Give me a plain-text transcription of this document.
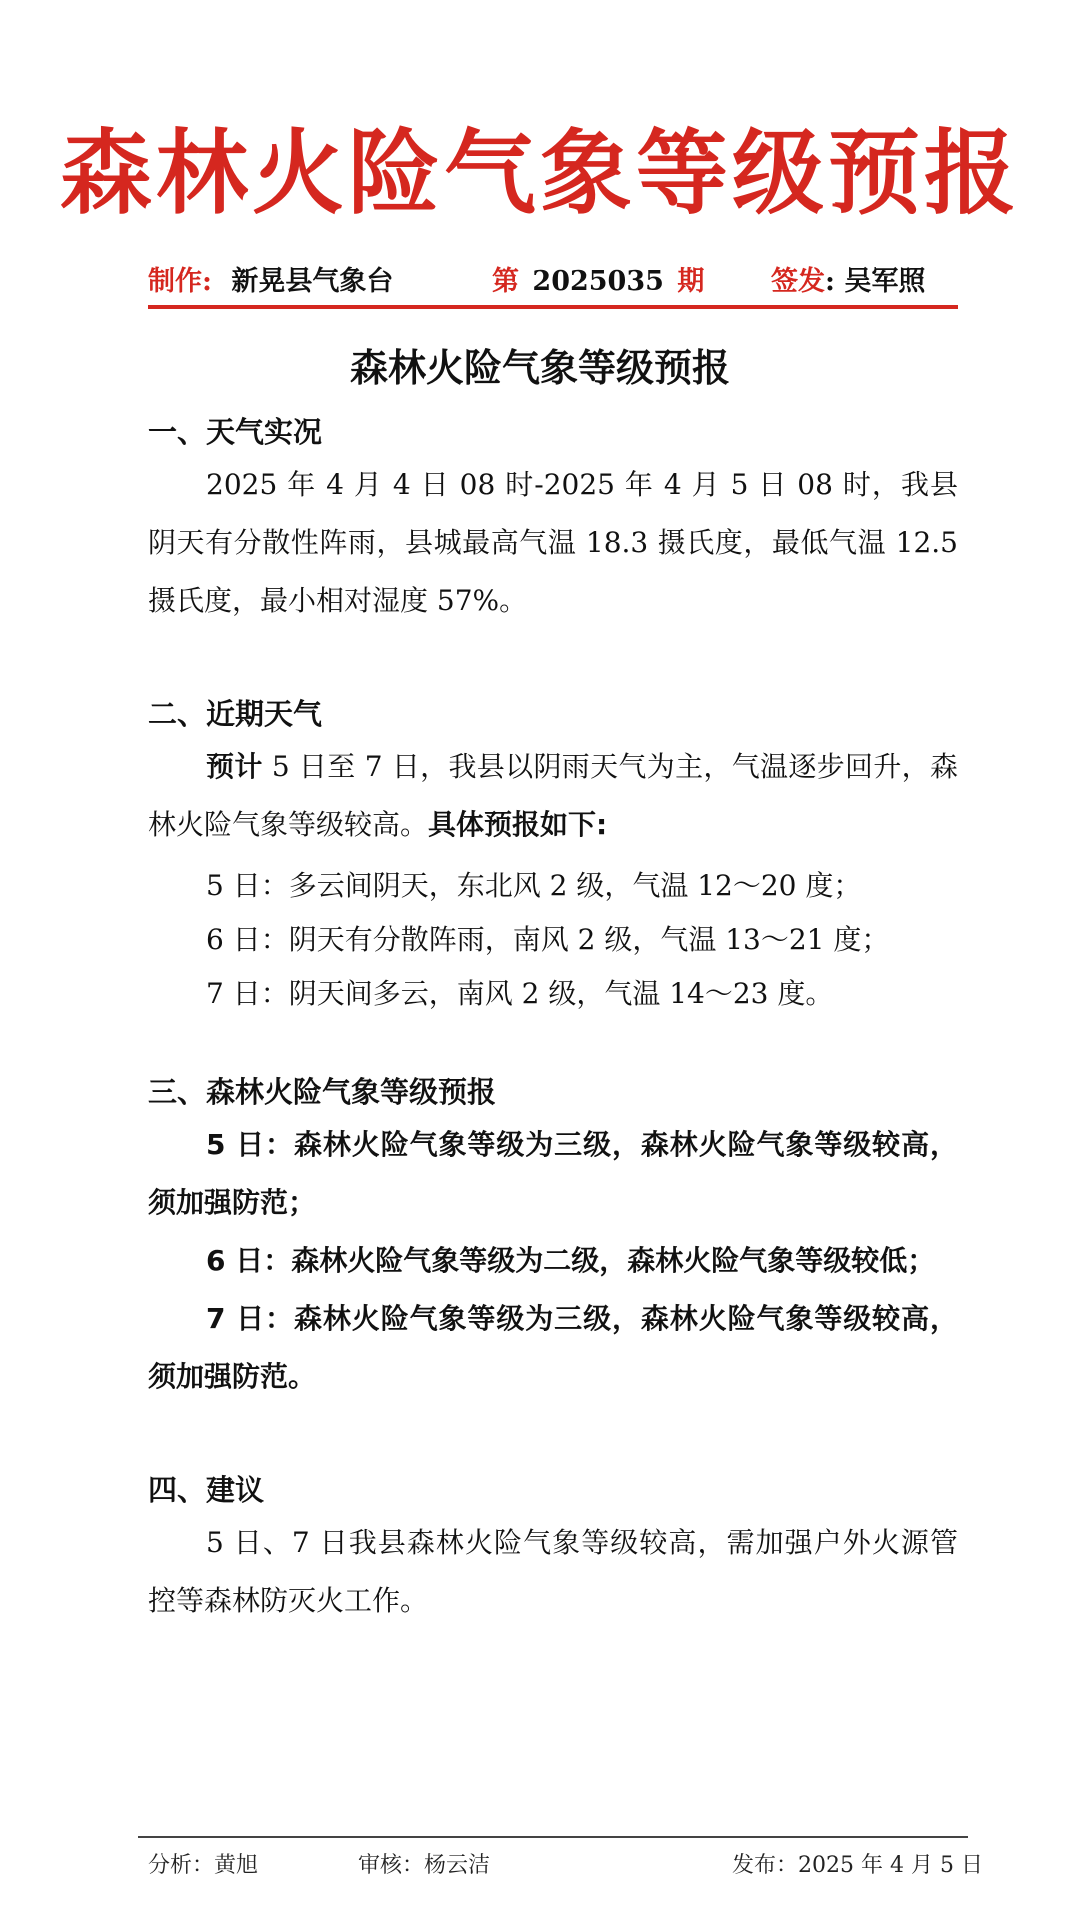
森林火险气象等级预报
制作: 新晃县气象台	第 2025035 期 签发: 吴军照
森林火险气象等级预报
一、天气实况
2025 年 4 月 4 日 08 时-2025 年 4 月 5 日 08 时，我县阴天有分散性阵雨，县城最高气温 18.3 摄氏度，最低气温 12.5 摄氏度，最小相对湿度 57%。
二、近期天气
预计 5 日至 7 日，我县以阴雨天气为主，气温逐步回升，森林火险气象等级较高。具体预报如下:
5 日：多云间阴天，东北风 2 级，气温 12～20 度；
6 日：阴天有分散阵雨，南风 2 级，气温 13～21 度；
7 日：阴天间多云，南风 2 级，气温 14～23 度。
三、森林火险气象等级预报
5 日：森林火险气象等级为三级，森林火险气象等级较高，须加强防范；
6 日：森林火险气象等级为二级，森林火险气象等级较低；
7 日：森林火险气象等级为三级，森林火险气象等级较高，须加强防范。
四、建议
5 日、7 日我县森林火险气象等级较高，需加强户外火源管控等森林防灭火工作。
分析：黄旭	审核：杨云洁	发布：2025 年 4 月 5 日
